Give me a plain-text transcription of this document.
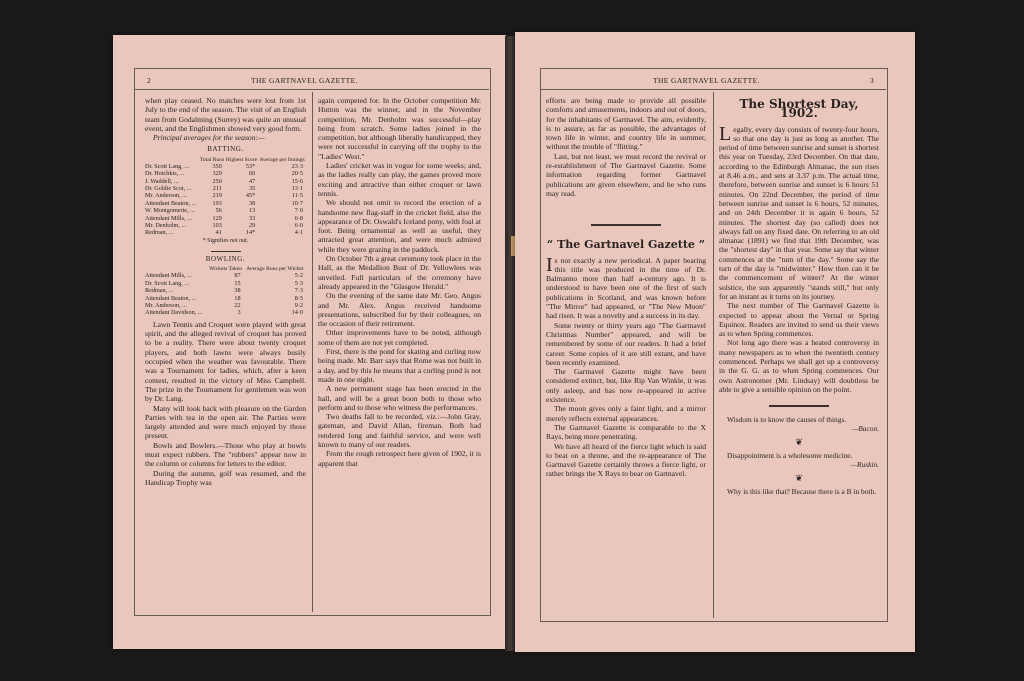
2	THE GARTNAVEL GAZETTE.

when play ceased. No matches were lost from 1st July to the end of the season. The visit of an English team from Godalming (Surrey) was quite an unusual event, and the Englishmen showed very good form.

Principal averages for the season:—

BATTING.
	Total Runs	Highest Score	Average per Innings
Dr. Scott Lang, ...	350	53*	23·3
Dr. Hotchkis, ...	329	60	20·5
J. Waddell, ...	250	47	15·6
Dr. Goldie Scot, ...	211	35	13·1
Mr. Anderson, ...	219	45*	11·5
Attendant Beaton, ...	193	38	10·7
W. Montgomerie, ...	56	13	7·0
Attendant Mills, ...	129	33	6·8
Mr. Denholm, ...	103	29	6·0
Redman, ...	41	14*	4·1
* Signifies not out.
BOWLING.
	Wickets Taken	Average Runs per Wicket
Attendant Mills, ...	87	5·2
Dr. Scott Lang, ...	15	5·3
Redman, ...	38	7·3
Attendant Beaton, ...	18	8·5
Mr. Anderson, ...	22	9·2
Attendant Davidson, ...	3	14·0

Lawn Tennis and Croquet were played with great spirit, and the alleged revival of croquet has proved to be a reality. There were about twenty croquet players, and both lawns were always busily occupied when the weather was favourable. There was a Tournament for ladies, which, after a keen contest, resulted in the victory of Miss Campbell. The prize in the Tournament for gentlemen was won by Dr. Lang.

Many will look back with pleasure on the Garden Parties with tea in the open air. The Parties were largely attended and were much enjoyed by those present.

Bowls and Bowlers.—Those who play at bowls must expect rubbers. The "rubbers" appear now in the column or columns for letters to the editor.

During the autumn, golf was resumed, and the Handicap Trophy was

again competed for. In the October competition Mr. Hutton was the winner, and in the November competition, Mr. Denholm was successful—play being from scratch. Some ladies joined in the competition, but although liberally handicapped, they were not successful in carrying off the trophy to the "Ladies' West."

Ladies' cricket was in vogue for some weeks; and, as the ladies really can play, the games proved more exciting and attractive than either croquet or lawn tennis.

We should not omit to record the erection of a handsome new flag-staff in the cricket field, also the appearance of Dr. Oswald's Iceland pony, with foal at foot. Being ornamental as well as useful, they attracted great attention, and were much admired while they were grazing in the paddock.

On October 7th a great ceremony took place in the Hall, as the Medallion Bust of Dr. Yellowlees was unveiled. Full particulars of the ceremony have already appeared in the "Glasgow Herald."

On the evening of the same date Mr. Geo. Angus and Mr. Alex. Angus received handsome presentations, subscribed for by their colleagues, on the occasion of their retirement.

Other improvements have to be noted, although some of them are not yet completed.

First, there is the pond for skating and curling now being made. Mr. Barr says that Rome was not built in a day, and by this he means that a curling pond is not made in one night.

A new permanent stage has been erected in the hall, and will be a great boon both to those who perform and to those who witness the performances.

Two deaths fall to be recorded, viz.:—John Gray, gateman, and David Allan, fireman. Both had rendered long and faithful service, and were well known to many of our readers.

From the rough retrospect here given of 1902, it is apparent that

THE GARTNAVEL GAZETTE.	3

efforts are being made to provide all possible comforts and amusements, indoors and out of doors, for the inhabitants of Gartnavel. The aim, evidently, is to assure, as far as possible, the advantages of town life in winter, and country life in summer, without the trouble of "flitting."

Last, but not least, we must record the revival or re-establishment of The Gartnavel Gazette. Some information regarding former Gartnavel publications are given elsewhere, and he who runs may read.

“ The Gartnavel Gazette ”

Is not exactly a new periodical. A paper bearing this title was produced in the time of Dr. Balmanno more than half a-century ago. It is understood to have been one of the first of such publications in Scotland, and was known before "The Mirror" had appeared, or "The New Moon" had risen. It was a novelty and a success in its day.

Some twenty or thirty years ago "The Gartnavel Christmas Number" appeared, and will be remembered by some of our readers. It had a brief career. Some copies of it are still extant, and have been recently examined.

The Gartnavel Gazette might have been considered extinct, but, like Rip Van Winkle, it was only asleep, and has now re-appeared in active existence.

The moon gives only a faint light, and a mirror merely reflects external appearances.

The Gartnavel Gazette is comparable to the X Rays, being more penetrating.

We have all heard of the fierce light which is said to beat on a throne, and the re-appearance of The Gartnavel Gazette certainly throws a fierce light, or rather brings the X Rays to bear on Gartnavel.

The Shortest Day, 1902.

Legally, every day consists of twenty-four hours, so that one day is just as long as another. The period of time between sunrise and sunset is shortest this year on Tuesday, 23rd December. On that date, according to the Edinburgh Almanac, the sun rises at 8.46 a.m., and sets at 3.37 p.m. The actual time, therefore, between sunrise and sunset is 6 hours 51 minutes. On 22nd December, the period of time between sunrise and sunset is 6 hours, 52 minutes, and on 24th December it is again 6 hours, 52 minutes. The shortest day (so called) does not always fall on any fixed date. On referring to an old almanac (1891) we find that 19th December, was the "shortest day" in that year. Some say that winter commences at the "turn of the day." Some say the turn of the day is "midwinter." How then can it be the commencement of winter? At the winter solstice, the sun apparently "stands still," but only for an instant as it turns on its journey.

The next number of The Gartnavel Gazette is expected to appear about the Vernal or Spring Equinox. Readers are invited to send us their views as to when Spring commences.

Not long ago there was a heated controversy in many newspapers as to when the twentieth century commenced. Perhaps we shall get up a controversy in the G. G. as to when Spring commences. Our own Astronomer (Mr. Lindsay) will doubtless be able to give a sensible opinion on the point.

Wisdom is to know the causes of things.
—Bacon.
❦
Disappointment is a wholesome medicine.
—Ruskin.
❦
Why is this like that? Because there is a B in both.
